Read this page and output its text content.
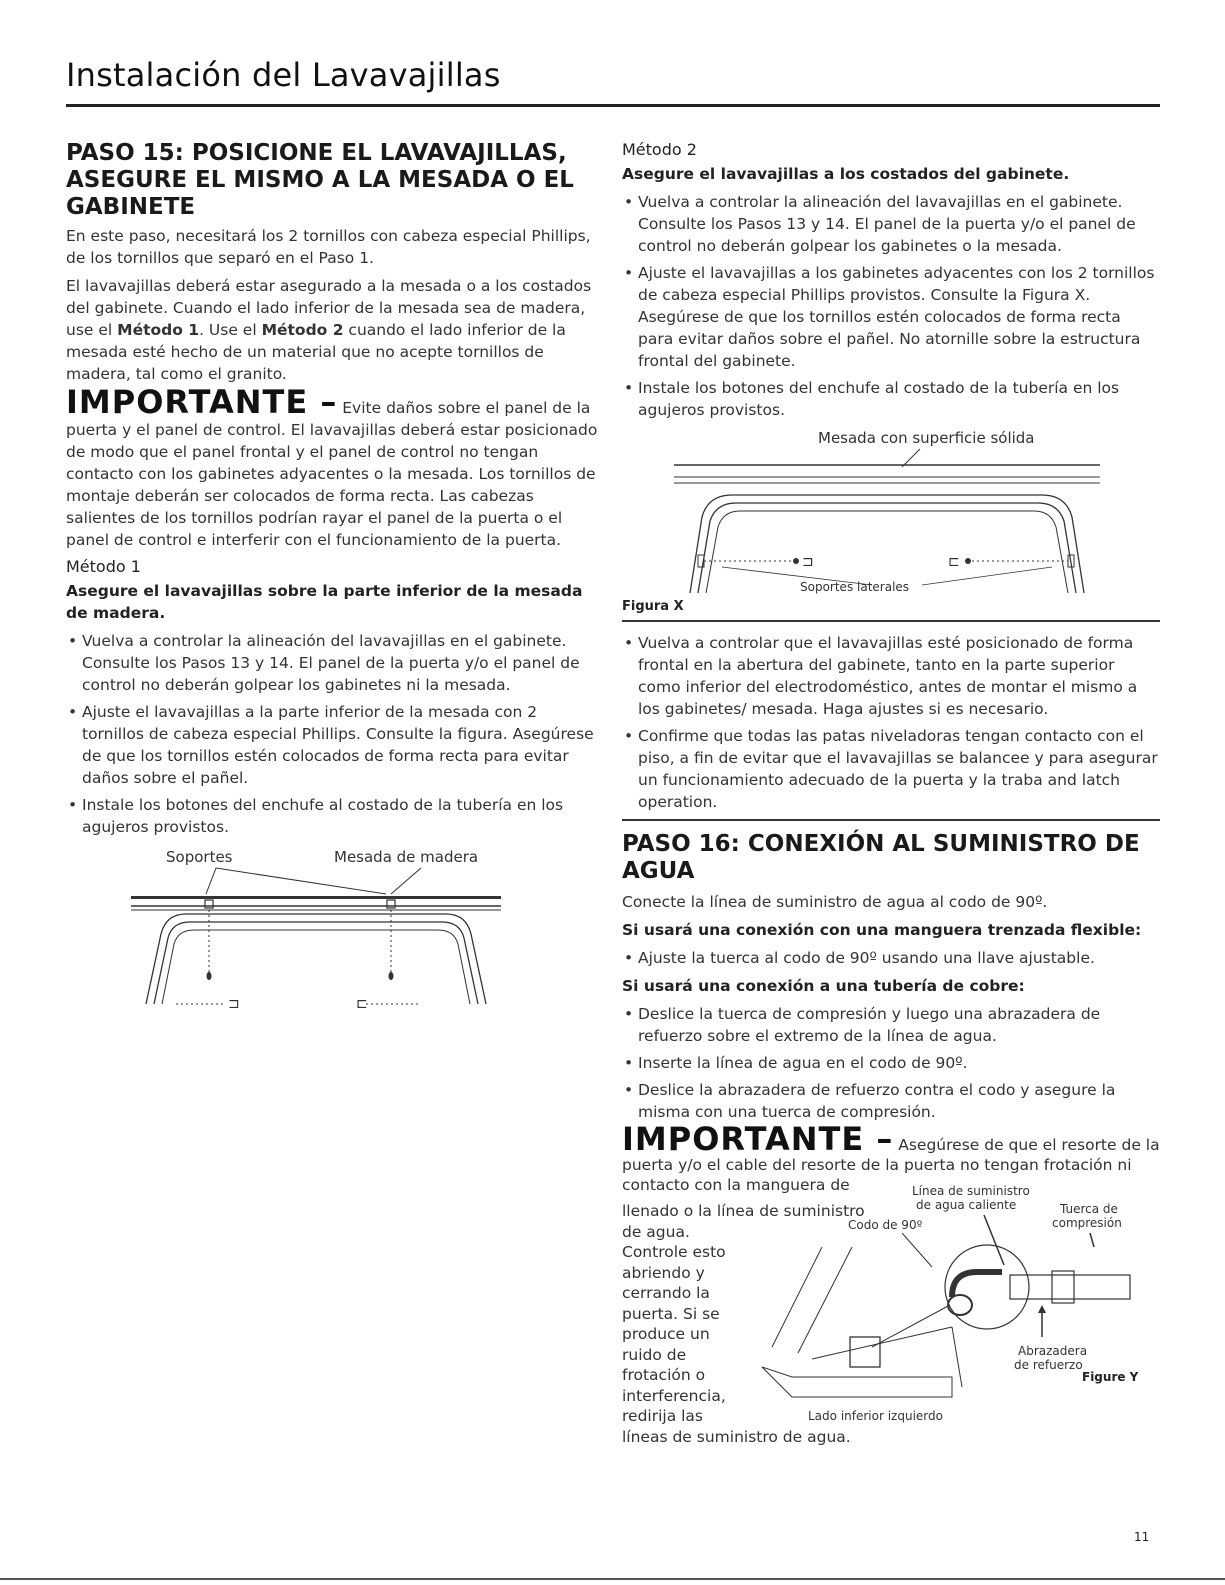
Instalación del Lavavajillas
PASO 15: POSICIONE EL LAVAVAJILLAS, ASEGURE EL MISMO A LA MESADA O EL GABINETE

En este paso, necesitará los 2 tornillos con cabeza especial Phillips, de los tornillos que separó en el Paso 1.

El lavavajillas deberá estar asegurado a la mesada o a los costados del gabinete. Cuando el lado inferior de la mesada sea de madera, use el Método 1. Use el Método 2 cuando el lado inferior de la mesada esté hecho de un material que no acepte tornillos de madera, tal como el granito.

IMPORTANTE – Evite daños sobre el panel de la puerta y el panel de control. El lavavajillas deberá estar posicionado de modo que el panel frontal y el panel de control no tengan contacto con los gabinetes adyacentes o la mesada. Los tornillos de montaje deberán ser colocados de forma recta. Las cabezas salientes de los tornillos podrían rayar el panel de la puerta o el panel de control e interferir con el funcionamiento de la puerta.
Método 1
Asegure el lavavajillas sobre la parte inferior de la mesada de madera.
• Vuelva a controlar la alineación del lavavajillas en el gabinete. Consulte los Pasos 13 y 14. El panel de la puerta y/o el panel de control no deberán golpear los gabinetes ni la mesada.
• Ajuste el lavavajillas a la parte inferior de la mesada con 2 tornillos de cabeza especial Phillips. Consulte la figura. Asegúrese de que los tornillos estén colocados de forma recta para evitar daños sobre el pañel.
• Instale los botones del enchufe al costado de la tubería en los agujeros provistos.
Soportes	Mesada de madera
⊐	⊏
Método 2
Asegure el lavavajillas a los costados del gabinete.
• Vuelva a controlar la alineación del lavavajillas en el gabinete. Consulte los Pasos 13 y 14. El panel de la puerta y/o el panel de control no deberán golpear los gabinetes o la mesada.
• Ajuste el lavavajillas a los gabinetes adyacentes con los 2 tornillos de cabeza especial Phillips provistos. Consulte la Figura X. Asegúrese de que los tornillos estén colocados de forma recta para evitar daños sobre el pañel. No atornille sobre la estructura frontal del gabinete.
• Instale los botones del enchufe al costado de la tubería en los agujeros provistos.
Mesada con superficie sólida
⊐	⊏
Soportes laterales
Figura X
• Vuelva a controlar que el lavavajillas esté posicionado de forma frontal en la abertura del gabinete, tanto en la parte superior como inferior del electrodoméstico, antes de montar el mismo a los gabinetes/ mesada. Haga ajustes si es necesario.
• Confirme que todas las patas niveladoras tengan contacto con el piso, a fin de evitar que el lavavajillas se balancee y para asegurar un funcionamiento adecuado de la puerta y la traba and latch operation.
PASO 16: CONEXIÓN AL SUMINISTRO DE AGUA

Conecte la línea de suministro de agua al codo de 90º.

Si usará una conexión con una manguera trenzada flexible:
• Ajuste la tuerca al codo de 90º usando una llave ajustable.
Si usará una conexión a una tubería de cobre:
• Deslice la tuerca de compresión y luego una abrazadera de refuerzo sobre el extremo de la línea de agua.
• Inserte la línea de agua en el codo de 90º.
• Deslice la abrazadera de refuerzo contra el codo y asegure la misma con una tuerca de compresión.
IMPORTANTE – Asegúrese de que el resorte de la puerta y/o el cable del resorte de la puerta no tengan frotación ni contacto con la manguera de
llenado o la línea de suministro
de agua.
Controle esto
abriendo y
cerrando la
puerta. Si se
produce un
ruido de
frotación o
interferencia,
redirija las
líneas de suministro de agua.
Línea de suministro
de agua caliente	Tuerca de
compresión
Codo de 90º
Abrazadera
de refuerzo
Figure Y
Lado inferior izquierdo
11
